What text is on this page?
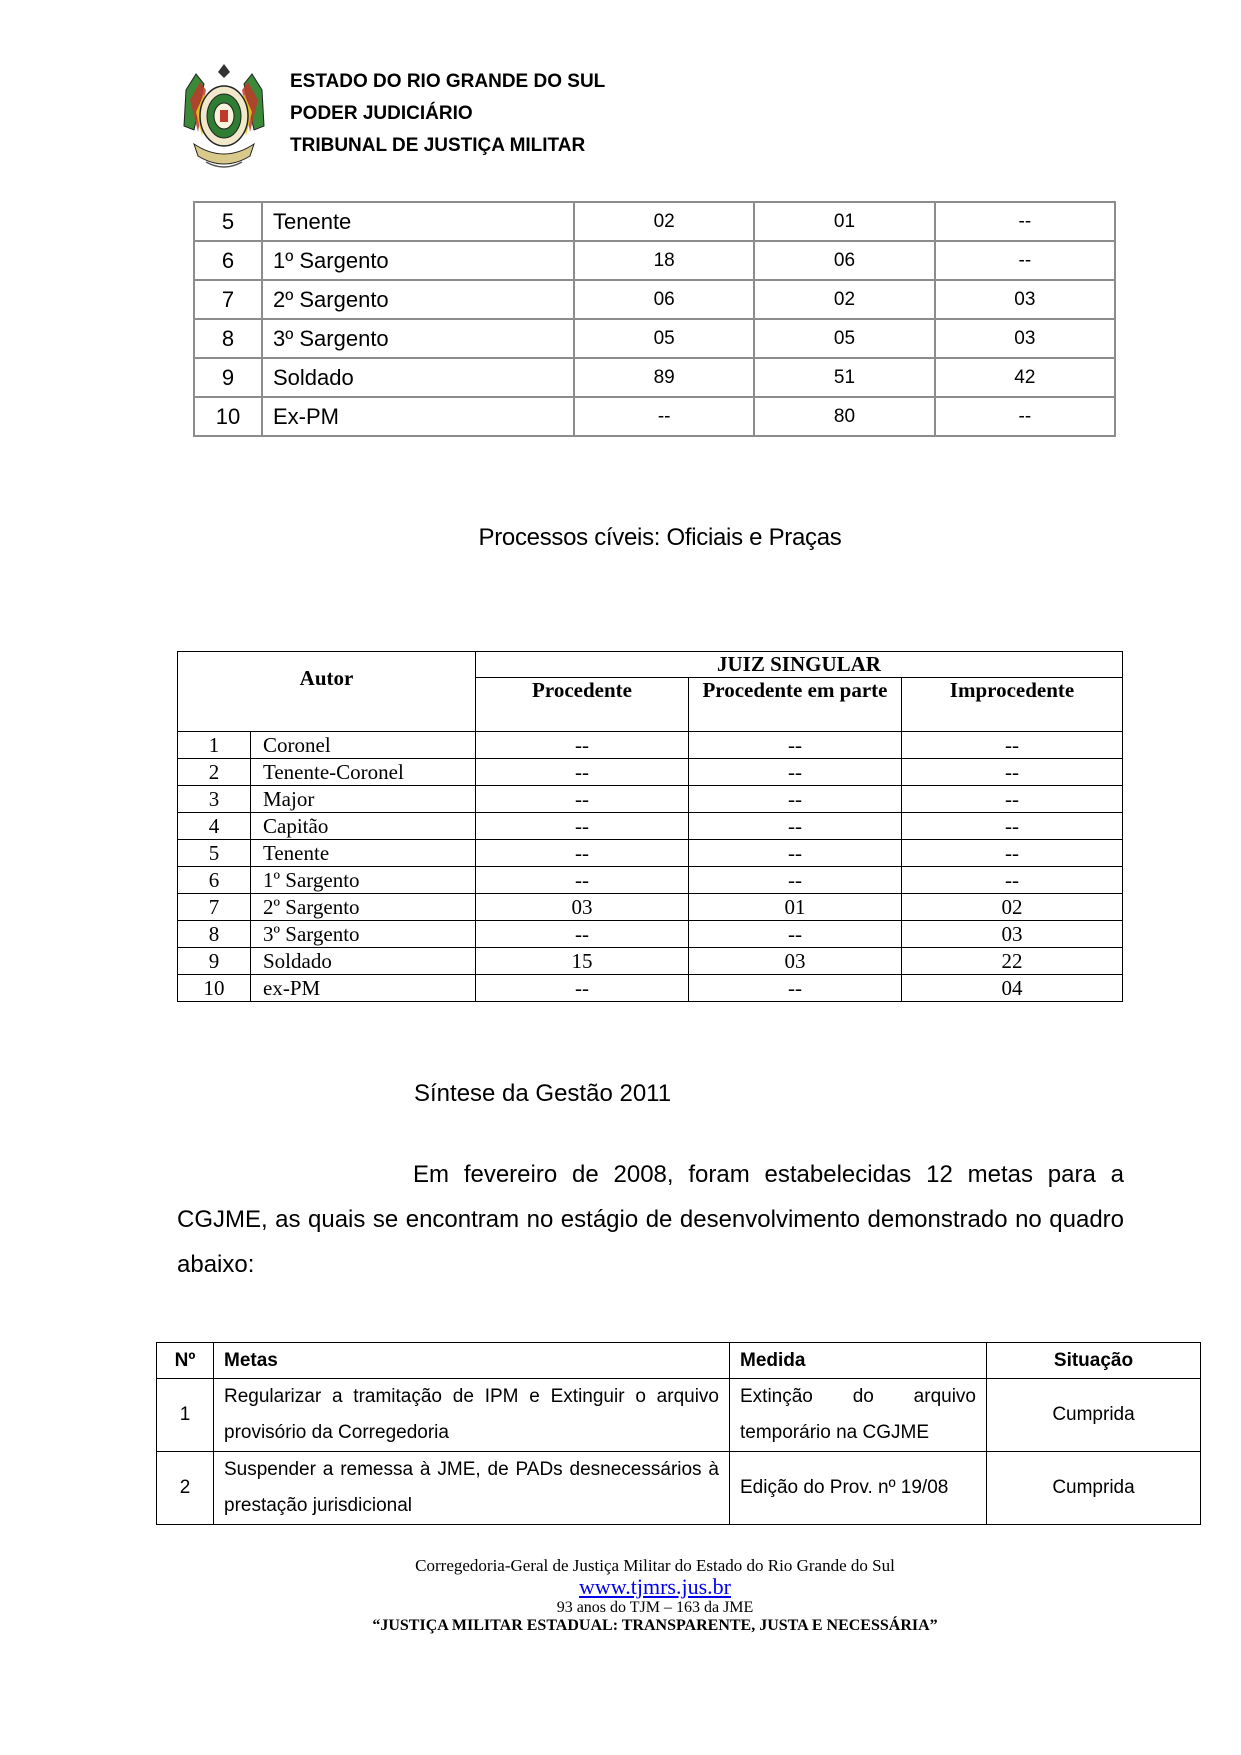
ESTADO DO RIO GRANDE DO SUL
PODER JUDICIÁRIO
TRIBUNAL DE JUSTIÇA MILITAR
5	Tenente	02	01	--
6	1º Sargento	18	06	--
7	2º Sargento	06	02	03
8	3º Sargento	05	05	03
9	Soldado	89	51	42
10	Ex-PM	--	80	--
Processos cíveis: Oficiais e Praças
Autor		JUIZ SINGULAR		
		Procedente	Procedente em parte	Improcedente
1	Coronel	--	--	--
2	Tenente-Coronel	--	--	--
3	Major	--	--	--
4	Capitão	--	--	--
5	Tenente	--	--	--
6	1º Sargento	--	--	--
7	2º Sargento	03	01	02
8	3º Sargento	--	--	03
9	Soldado	15	03	22
10	ex-PM	--	--	04
Síntese da Gestão 2011

Em fevereiro de 2008, foram estabelecidas 12 metas para a CGJME, as quais se encontram no estágio de desenvolvimento demonstrado no quadro abaixo:

Nº	Metas	Medida	Situação
1	Regularizar a tramitação de IPM e Extinguir o arquivo provisório da Corregedoria	Extinção do arquivo temporário na CGJME	Cumprida
2	Suspender a remessa à JME, de PADs desnecessários à prestação jurisdicional	Edição do Prov. nº 19/08	Cumprida
Corregedoria-Geral de Justiça Militar do Estado do Rio Grande do Sul
www.tjmrs.jus.br
93 anos do TJM – 163 da JME
“JUSTIÇA MILITAR ESTADUAL: TRANSPARENTE, JUSTA E NECESSÁRIA”
